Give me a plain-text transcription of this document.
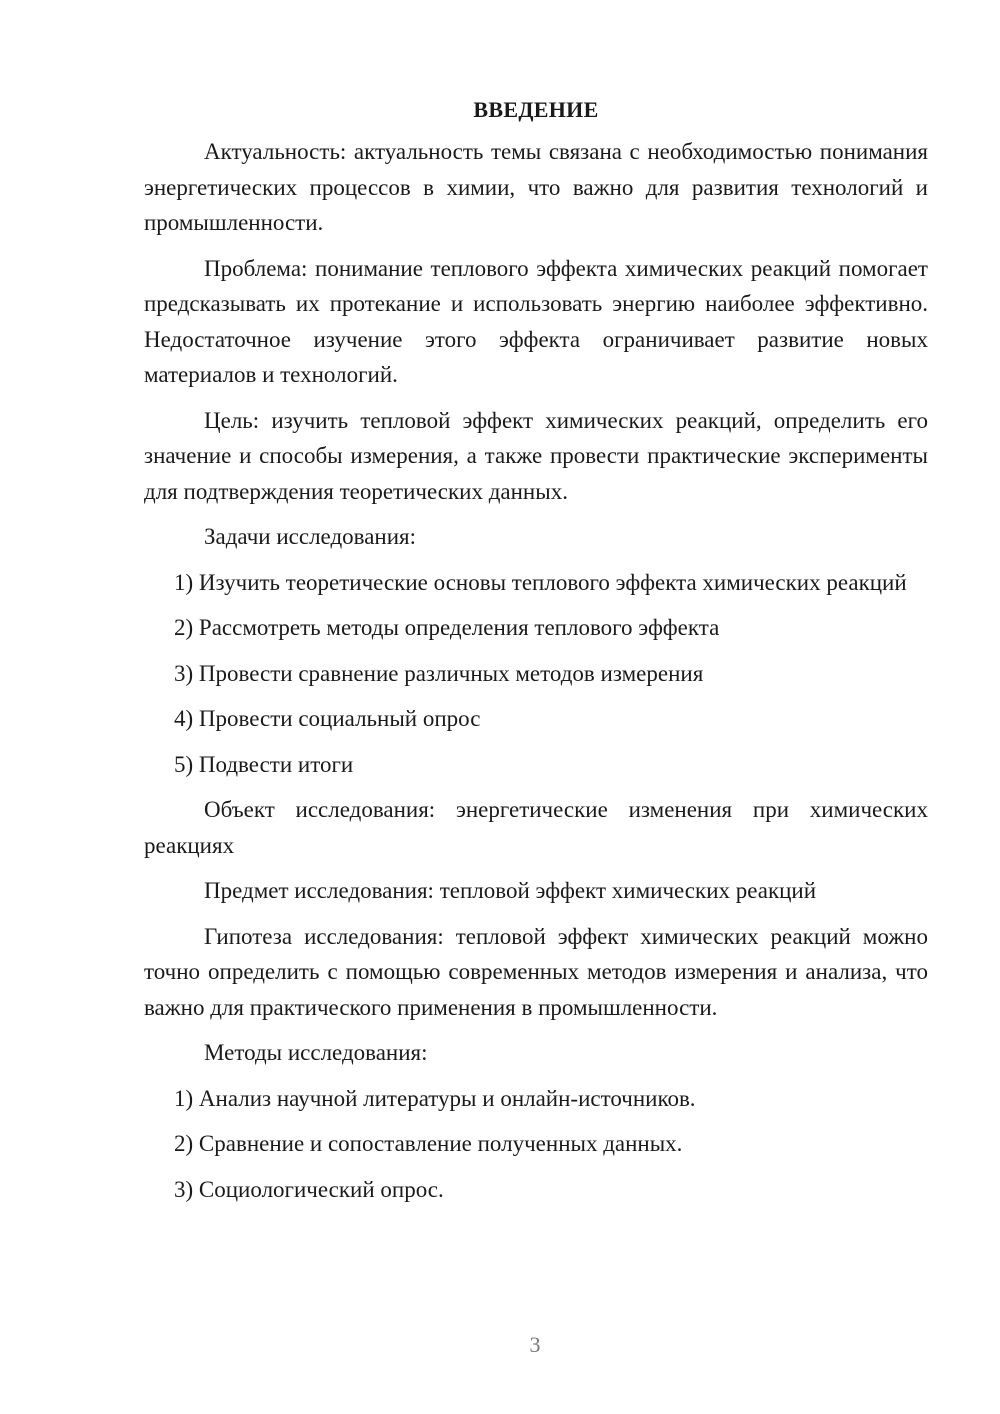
ВВЕДЕНИЕ

Актуальность: актуальность темы связана с необходимостью понимания энергетических процессов в химии, что важно для развития технологий и промышленности.

Проблема: понимание теплового эффекта химических реакций помогает предсказывать их протекание и использовать энергию наиболее эффективно. Недостаточное изучение этого эффекта ограничивает развитие новых материалов и технологий.

Цель: изучить тепловой эффект химических реакций, определить его значение и способы измерения, а также провести практические эксперименты для подтверждения теоретических данных.

Задачи исследования:

1) Изучить теоретические основы теплового эффекта химических реакций
2) Рассмотреть методы определения теплового эффекта
3) Провести сравнение различных методов измерения
4) Провести социальный опрос
5) Подвести итоги

Объект исследования: энергетические изменения при химических реакциях

Предмет исследования: тепловой эффект химических реакций

Гипотеза исследования: тепловой эффект химических реакций можно точно определить с помощью современных методов измерения и анализа, что важно для практического применения в промышленности.

Методы исследования:

1) Анализ научной литературы и онлайн-источников.
2) Сравнение и сопоставление полученных данных.
3) Социологический опрос.
3
